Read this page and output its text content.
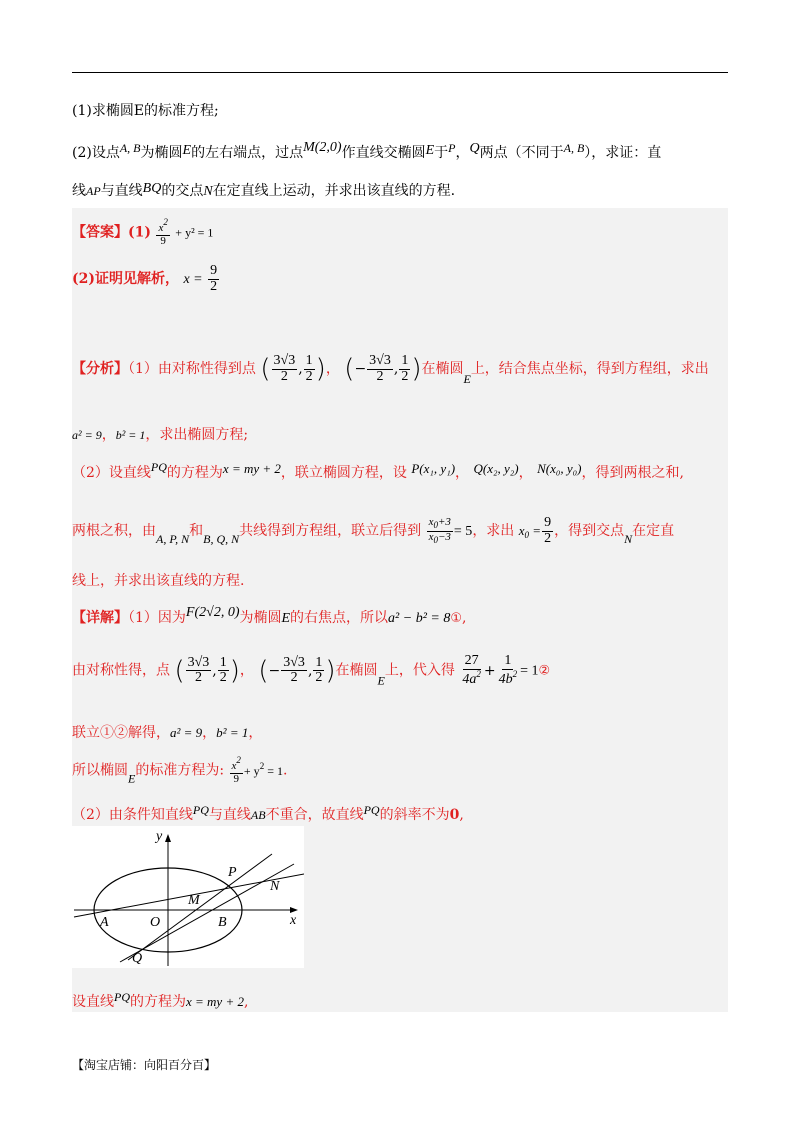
(1)求椭圆E的标准方程;
(2)设点A, B为椭圆E的左右端点，过点M(2,0)作直线交椭圆E于P，Q两点（不同于A, B），求证：直
线AP与直线BQ的交点N在定直线上运动，并求出该直线的方程.
【答案】$(1) \frac{x^2}{9} + y^2 = 1$
(2)证明见解析， $x = \frac{9}{2}$
【分析】（1）由对称性得到点 ( $\frac{3√3}{2}$ , $\frac{1}{2}$ )， (− $\frac{3√3}{2}$ , $\frac{1}{2}$ )在椭圆E上，结合焦点坐标，得到方程组，求出
a² = 9，b² = 1，求出椭圆方程;
（2）设直线PQ的方程为x = my + 2，联立椭圆方程，设 P(x₁, y₁)， Q(x₂, y₂)， N(x₀, y₀)，得到两根之和,
两根之积，由A, P, N和B, Q, N共线得到方程组，联立后得到 $\frac{x_0+3}{x_0-3} = 5$，求出 $x_0 = \frac{9}{2}$ ，得到交点N在定直
线上，并求出该直线的方程.
【详解】（1）因为F(2√2, 0)为椭圆E的右焦点，所以a² − b² = 8①,
由对称性得，点 ( $\frac{3√3}{2}$ , $\frac{1}{2}$ )， (− $\frac{3√3}{2}$ , $\frac{1}{2}$ )在椭圆E上，代入得 $\frac{27}{4a^2} + \frac{1}{4b^2}$ = 1②
联立①②解得，a² = 9，b² = 1，
所以椭圆E的标准方程为: $\frac{x^2}{9} + y^2 = 1$.
（2）由条件知直线PQ与直线AB不重合，故直线PQ的斜率不为0,
y
x
A	O
M
B
P
N
Q
设直线PQ的方程为x = my + 2,
【淘宝店铺：向阳百分百】
